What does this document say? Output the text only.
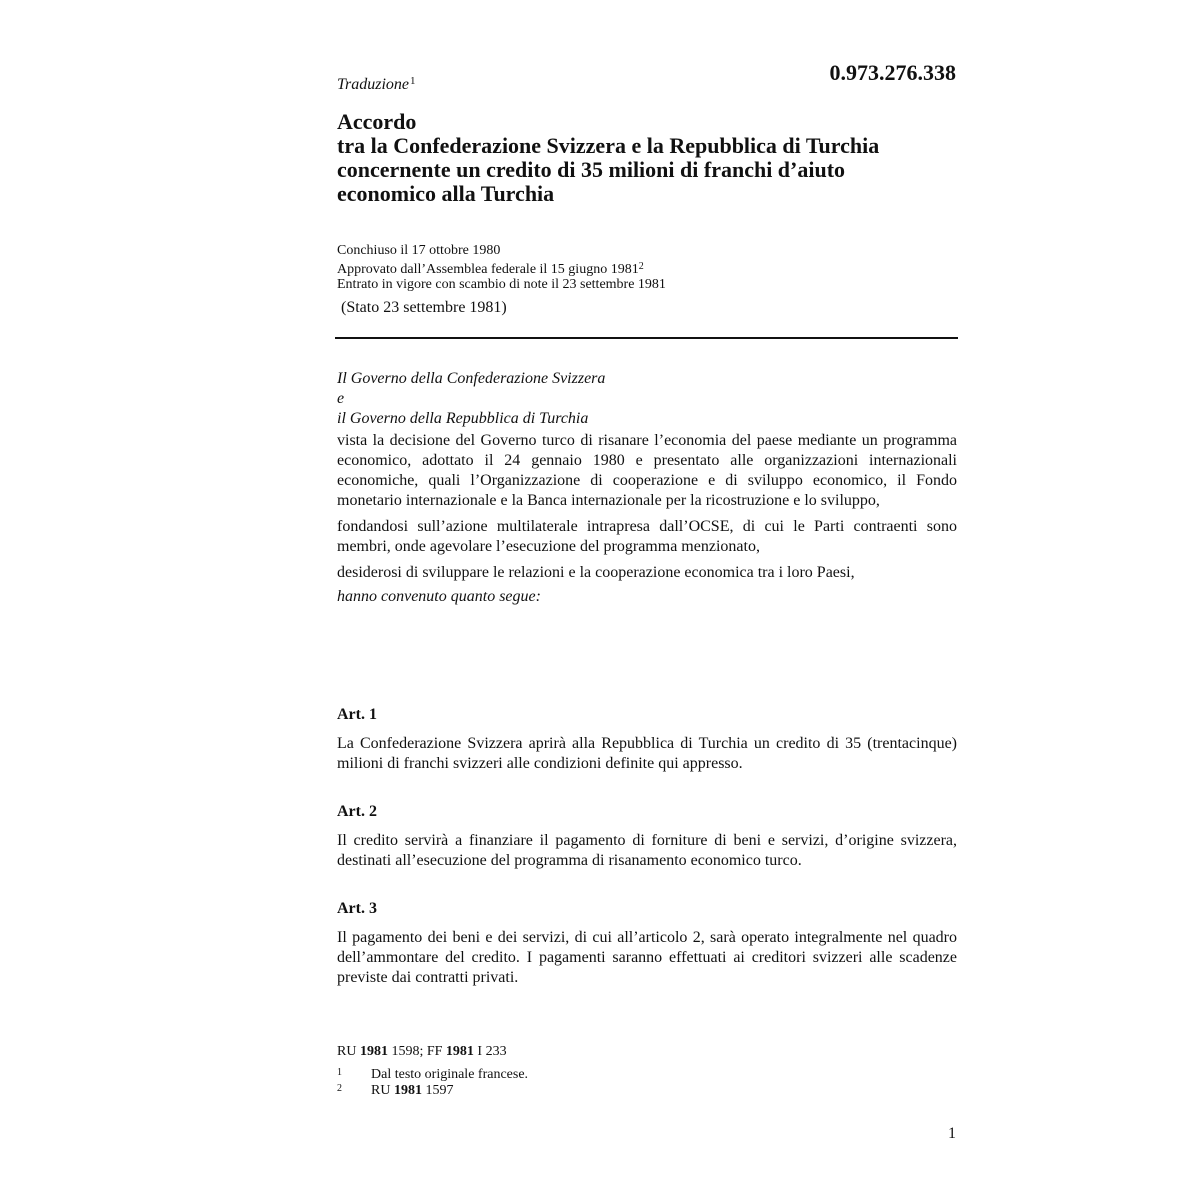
Traduzione$^1$	0.973.276.338
Accordo
tra la Confederazione Svizzera e la Repubblica di Turchia
concernente un credito di 35 milioni di franchi d’aiuto
economico alla Turchia
Conchiuso il 17 ottobre 1980
Approvato dall’Assemblea federale il 15 giugno 1981$^2$
Entrato in vigore con scambio di note il 23 settembre 1981
(Stato 23 settembre 1981)
Il Governo della Confederazione Svizzera
e
il Governo della Repubblica di Turchia

vista la decisione del Governo turco di risanare l’economia del paese mediante un programma economico, adottato il 24 gennaio 1980 e presentato alle organizzazioni internazionali economiche, quali l’Organizzazione di cooperazione e di sviluppo economico, il Fondo monetario internazionale e la Banca internazionale per la ricostruzione e lo sviluppo,

fondandosi sull’azione multilaterale intrapresa dall’OCSE, di cui le Parti contraenti sono membri, onde agevolare l’esecuzione del programma menzionato,

desiderosi di sviluppare le relazioni e la cooperazione economica tra i loro Paesi,

hanno convenuto quanto segue:
Art. 1
La Confederazione Svizzera aprirà alla Repubblica di Turchia un credito di 35 (trentacinque) milioni di franchi svizzeri alle condizioni definite qui appresso.
Art. 2
Il credito servirà a finanziare il pagamento di forniture di beni e servizi, d’origine svizzera, destinati all’esecuzione del programma di risanamento economico turco.
Art. 3
Il pagamento dei beni e dei servizi, di cui all’articolo 2, sarà operato integralmente nel quadro dell’ammontare del credito. I pagamenti saranno effettuati ai creditori svizzeri alle scadenze previste dai contratti privati.
RU 1981 1598; FF 1981 I 233
1 Dal testo originale francese.
2 RU 1981 1597
1
